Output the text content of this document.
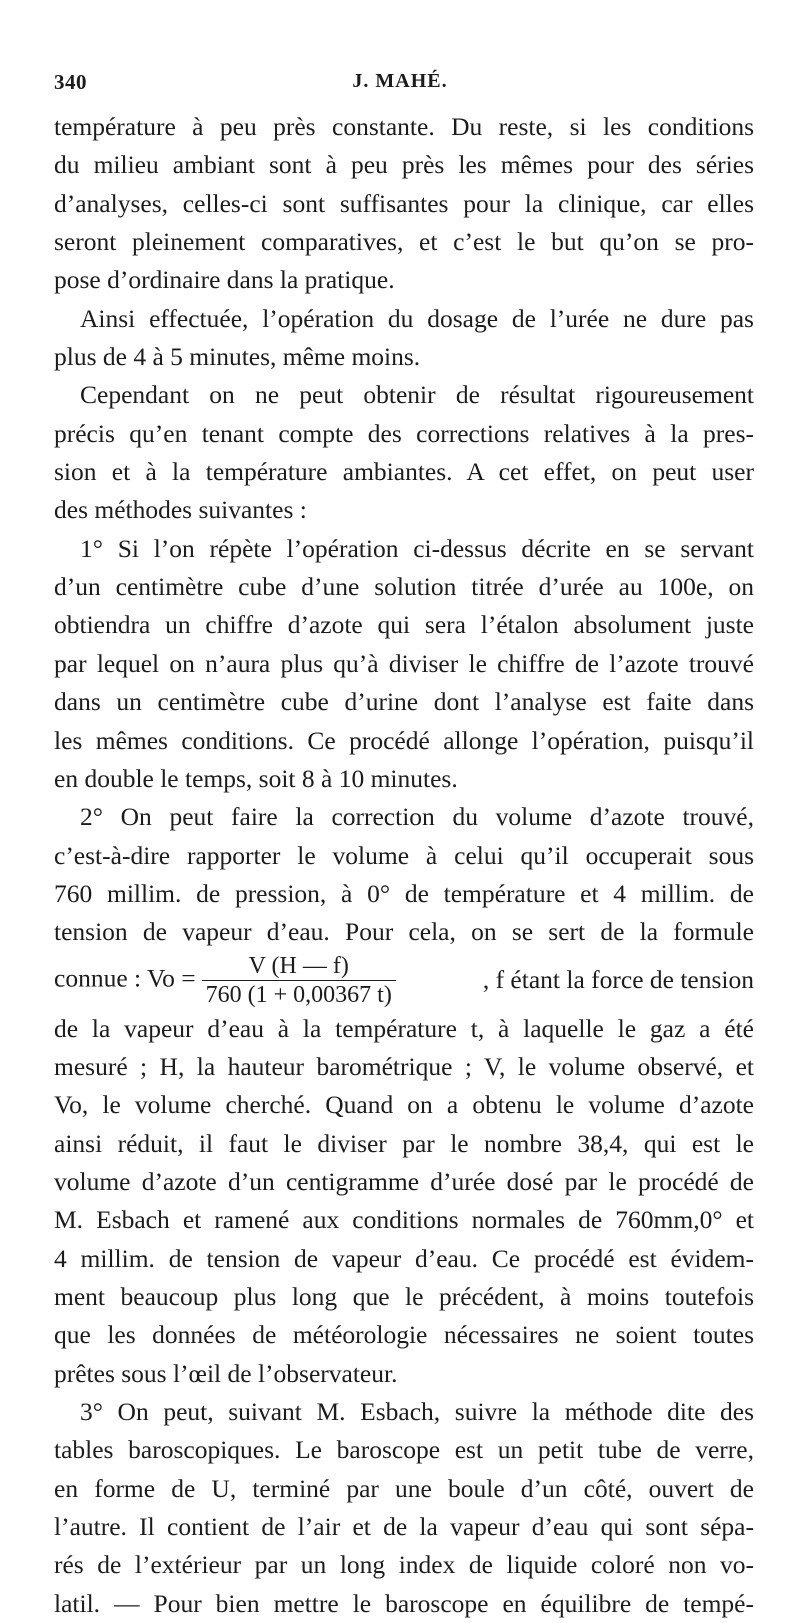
340	J. MAHÉ.
température à peu près constante. Du reste, si les conditions
du milieu ambiant sont à peu près les mêmes pour des séries
d’analyses, celles-ci sont suffisantes pour la clinique, car elles
seront pleinement comparatives, et c’est le but qu’on se pro-
pose d’ordinaire dans la pratique.
Ainsi effectuée, l’opération du dosage de l’urée ne dure pas
plus de 4 à 5 minutes, même moins.
Cependant on ne peut obtenir de résultat rigoureusement
précis qu’en tenant compte des corrections relatives à la pres-
sion et à la température ambiantes. A cet effet, on peut user
des méthodes suivantes :
1° Si l’on répète l’opération ci-dessus décrite en se servant
d’un centimètre cube d’une solution titrée d’urée au 100e, on
obtiendra un chiffre d’azote qui sera l’étalon absolument juste
par lequel on n’aura plus qu’à diviser le chiffre de l’azote trouvé
dans un centimètre cube d’urine dont l’analyse est faite dans
les mêmes conditions. Ce procédé allonge l’opération, puisqu’il
en double le temps, soit 8 à 10 minutes.
2° On peut faire la correction du volume d’azote trouvé,
c’est-à-dire rapporter le volume à celui qu’il occuperait sous
760 millim. de pression, à 0° de température et 4 millim. de
tension de vapeur d’eau. Pour cela, on se sert de la formule
connue : $Vo = \frac{V (H — f)}{760 (1 + 0,00367 t)}$	, f étant la force de tension
de la vapeur d’eau à la température t, à laquelle le gaz a été
mesuré ; H, la hauteur barométrique ; V, le volume observé, et
Vo, le volume cherché. Quand on a obtenu le volume d’azote
ainsi réduit, il faut le diviser par le nombre 38,4, qui est le
volume d’azote d’un centigramme d’urée dosé par le procédé de
M. Esbach et ramené aux conditions normales de 760mm,0° et
4 millim. de tension de vapeur d’eau. Ce procédé est évidem-
ment beaucoup plus long que le précédent, à moins toutefois
que les données de météorologie nécessaires ne soient toutes
prêtes sous l’œil de l’observateur.
3° On peut, suivant M. Esbach, suivre la méthode dite des
tables baroscopiques. Le baroscope est un petit tube de verre,
en forme de U, terminé par une boule d’un côté, ouvert de
l’autre. Il contient de l’air et de la vapeur d’eau qui sont sépa-
rés de l’extérieur par un long index de liquide coloré non vo-
latil. — Pour bien mettre le baroscope en équilibre de tempé-
